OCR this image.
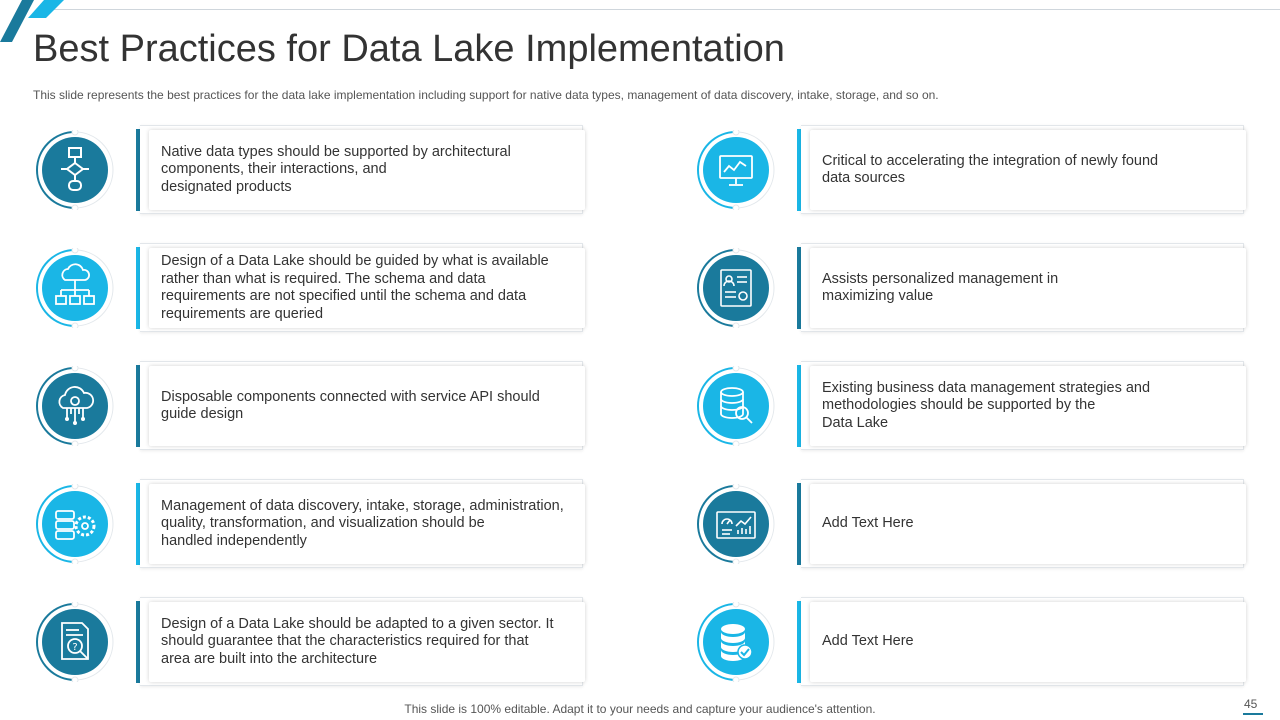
Best Practices for Data Lake Implementation
This slide represents the best practices for the data lake implementation including support for native data types, management of data discovery, intake, storage, and so on.
Native data types should be supported by architectural
components, their interactions, and
designated products
Design of a Data Lake should be guided by what is available
rather than what is required. The schema and data
requirements are not specified until the schema and data
requirements are queried
Disposable components connected with service API should
guide design
Management of data discovery, intake, storage, administration,
quality, transformation, and visualization should be
handled independently
?
Design of a Data Lake should be adapted to a given sector. It
should guarantee that the characteristics required for that
area are built into the architecture
Critical to accelerating the integration of newly found
data sources
Assists personalized management in
maximizing value
Existing business data management strategies and
methodologies should be supported by the
Data Lake
Add Text Here
Add Text Here
This slide is 100% editable. Adapt it to your needs and capture your audience's attention.	45
